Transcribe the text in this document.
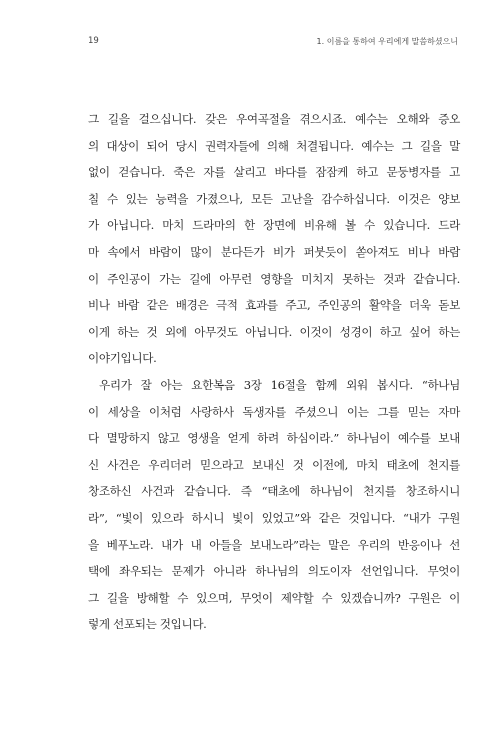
19	1. 이름을 통하여 우리에게 말씀하셨으니
그 길을 걸으십니다. 갖은 우여곡절을 겪으시죠. 예수는 오해와 증오
의 대상이 되어 당시 권력자들에 의해 처결됩니다. 예수는 그 길을 말
없이 걷습니다. 죽은 자를 살리고 바다를 잠잠케 하고 문둥병자를 고
칠 수 있는 능력을 가졌으나, 모든 고난을 감수하십니다. 이것은 양보
가 아닙니다. 마치 드라마의 한 장면에 비유해 볼 수 있습니다. 드라
마 속에서 바람이 많이 분다든가 비가 퍼붓듯이 쏟아져도 비나 바람
이 주인공이 가는 길에 아무런 영향을 미치지 못하는 것과 같습니다.
비나 바람 같은 배경은 극적 효과를 주고, 주인공의 활약을 더욱 돋보
이게 하는 것 외에 아무것도 아닙니다. 이것이 성경이 하고 싶어 하는
이야기입니다.
우리가 잘 아는 요한복음 3장 16절을 함께 외워 봅시다. “하나님
이 세상을 이처럼 사랑하사 독생자를 주셨으니 이는 그를 믿는 자마
다 멸망하지 않고 영생을 얻게 하려 하심이라.” 하나님이 예수를 보내
신 사건은 우리더러 믿으라고 보내신 것 이전에, 마치 태초에 천지를
창조하신 사건과 같습니다. 즉 “태초에 하나님이 천지를 창조하시니
라”, “빛이 있으라 하시니 빛이 있었고”와 같은 것입니다. “내가 구원
을 베푸노라. 내가 내 아들을 보내노라”라는 말은 우리의 반응이나 선
택에 좌우되는 문제가 아니라 하나님의 의도이자 선언입니다. 무엇이
그 길을 방해할 수 있으며, 무엇이 제약할 수 있겠습니까? 구원은 이
렇게 선포되는 것입니다.
